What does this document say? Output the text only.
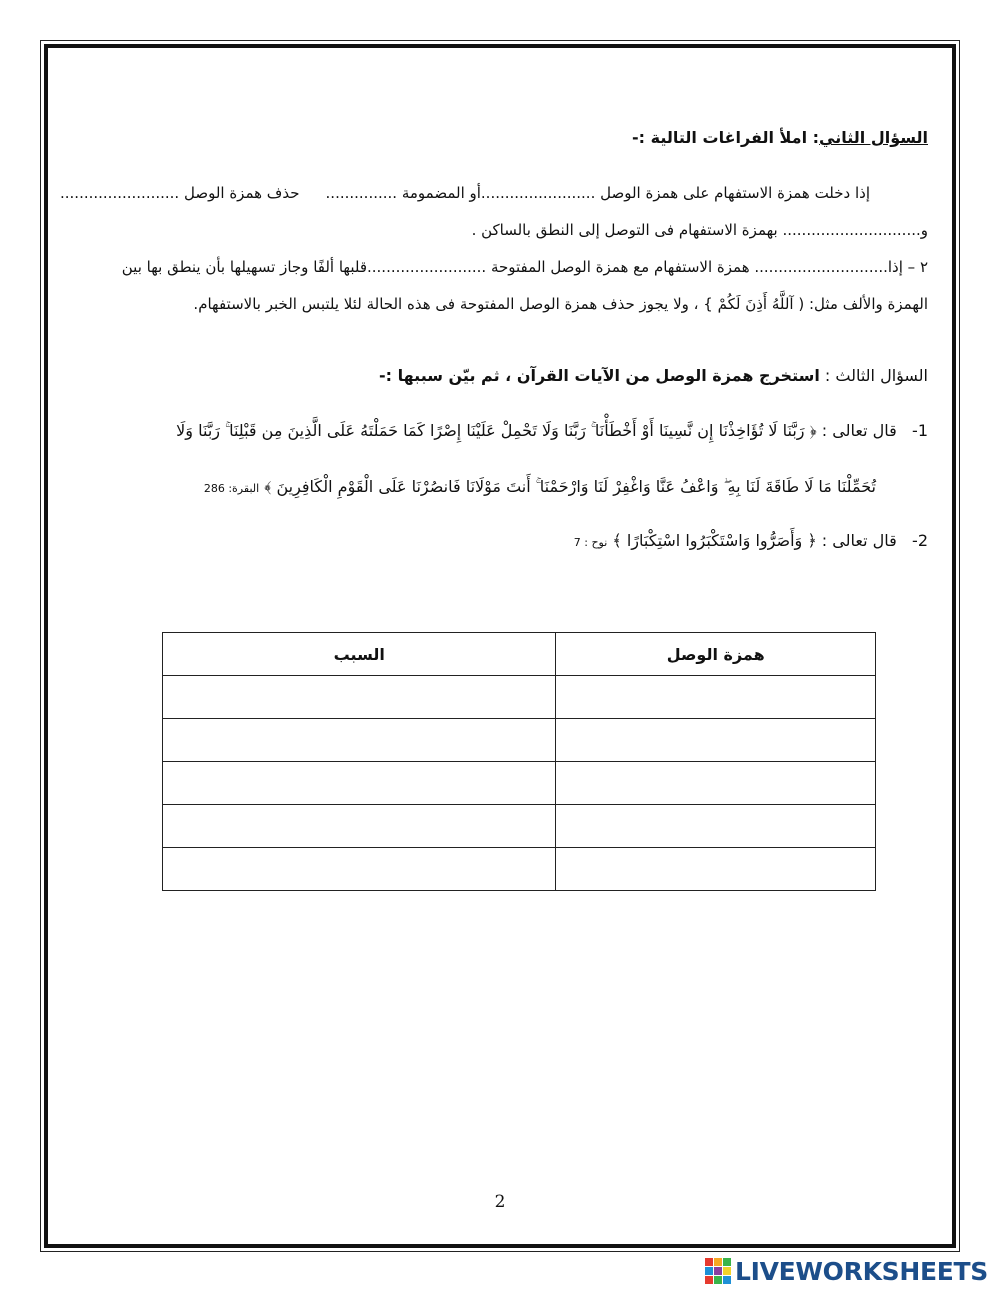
السؤال الثاني: املأ الفراغات التالية :-
إذا دخلت همزة الاستفهام على همزة الوصل ........................أو المضمومة ...............
حذف همزة الوصل .........................
و............................. بهمزة الاستفهام فى التوصل إلى النطق بالساكن .
٢ – إذا............................ همزة الاستفهام مع همزة الوصل المفتوحة .........................قلبها ألفًا وجاز تسهيلها بأن ينطق بها بين
الهمزة والألف مثل: ( آللَّهُ أَذِنَ لَكُمْ } ، ولا يجوز حذف همزة الوصل المفتوحة فى هذه الحالة لئلا يلتبس الخبر بالاستفهام.
السؤال الثالث : استخرج همزة الوصل من الآيات القرآن ، ثم بيّن سببها :-
1-   قال تعالى : ﴿ رَبَّنَا لَا تُؤَاخِذْنَا إِن نَّسِينَا أَوْ أَخْطَأْنَا ۚ رَبَّنَا وَلَا تَحْمِلْ عَلَيْنَا إِصْرًا كَمَا حَمَلْتَهُ عَلَى الَّذِينَ مِن قَبْلِنَا ۚ رَبَّنَا وَلَا
تُحَمِّلْنَا مَا لَا طَاقَةَ لَنَا بِهِ ۖ وَاعْفُ عَنَّا وَاغْفِرْ لَنَا وَارْحَمْنَا ۚ أَنتَ مَوْلَانَا فَانصُرْنَا عَلَى الْقَوْمِ الْكَافِرِينَ ﴾ البقرة: 286
2-   قال تعالى : ﴿ وَأَصَرُّوا وَاسْتَكْبَرُوا اسْتِكْبَارًا ﴾ نوح : 7
همزة الوصل	السبب

2
LIVEWORKSHEETS
